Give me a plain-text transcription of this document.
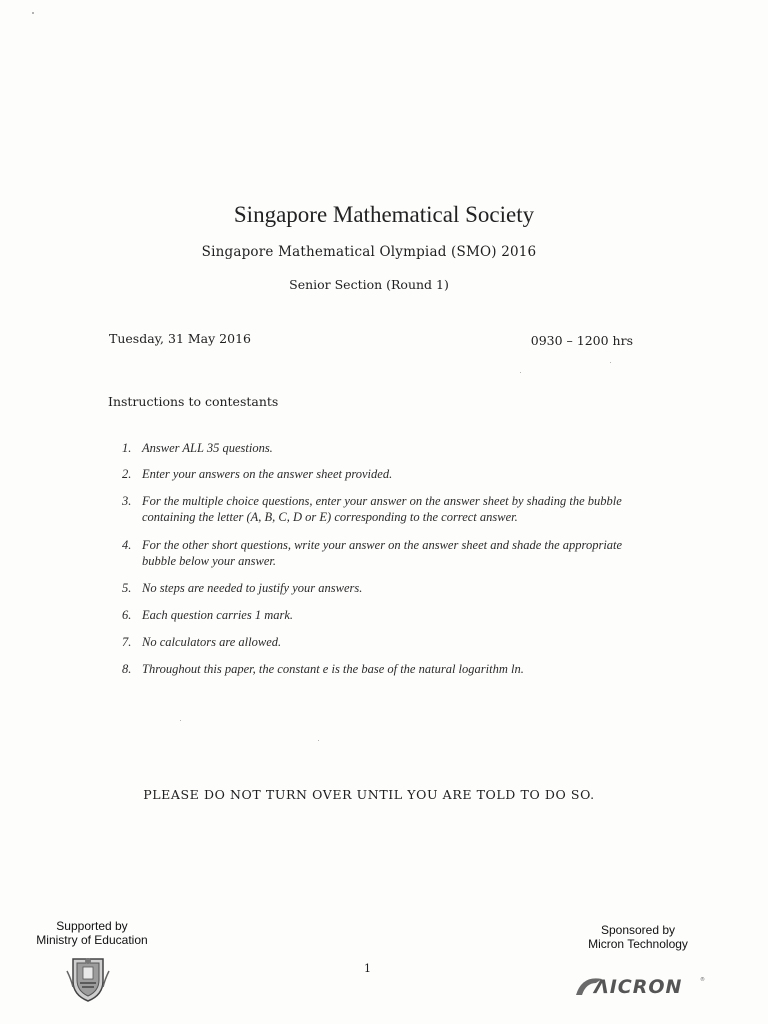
Singapore Mathematical Society
Singapore Mathematical Olympiad (SMO) 2016
Senior Section (Round 1)
Tuesday, 31 May 2016	0930 – 1200 hrs
Instructions to contestants
1. Answer ALL 35 questions.
2. Enter your answers on the answer sheet provided.
3. For the multiple choice questions, enter your answer on the answer sheet by shading the bubble containing the letter (A, B, C, D or E) corresponding to the correct answer.
4. For the other short questions, write your answer on the answer sheet and shade the appropriate bubble below your answer.
5. No steps are needed to justify your answers.
6. Each question carries 1 mark.
7. No calculators are allowed.
8. Throughout this paper, the constant e is the base of the natural logarithm ln.
PLEASE DO NOT TURN OVER UNTIL YOU ARE TOLD TO DO SO.
Supported by
Ministry of Education
1
Sponsored by
Micron Technology
ΛICRON	®
